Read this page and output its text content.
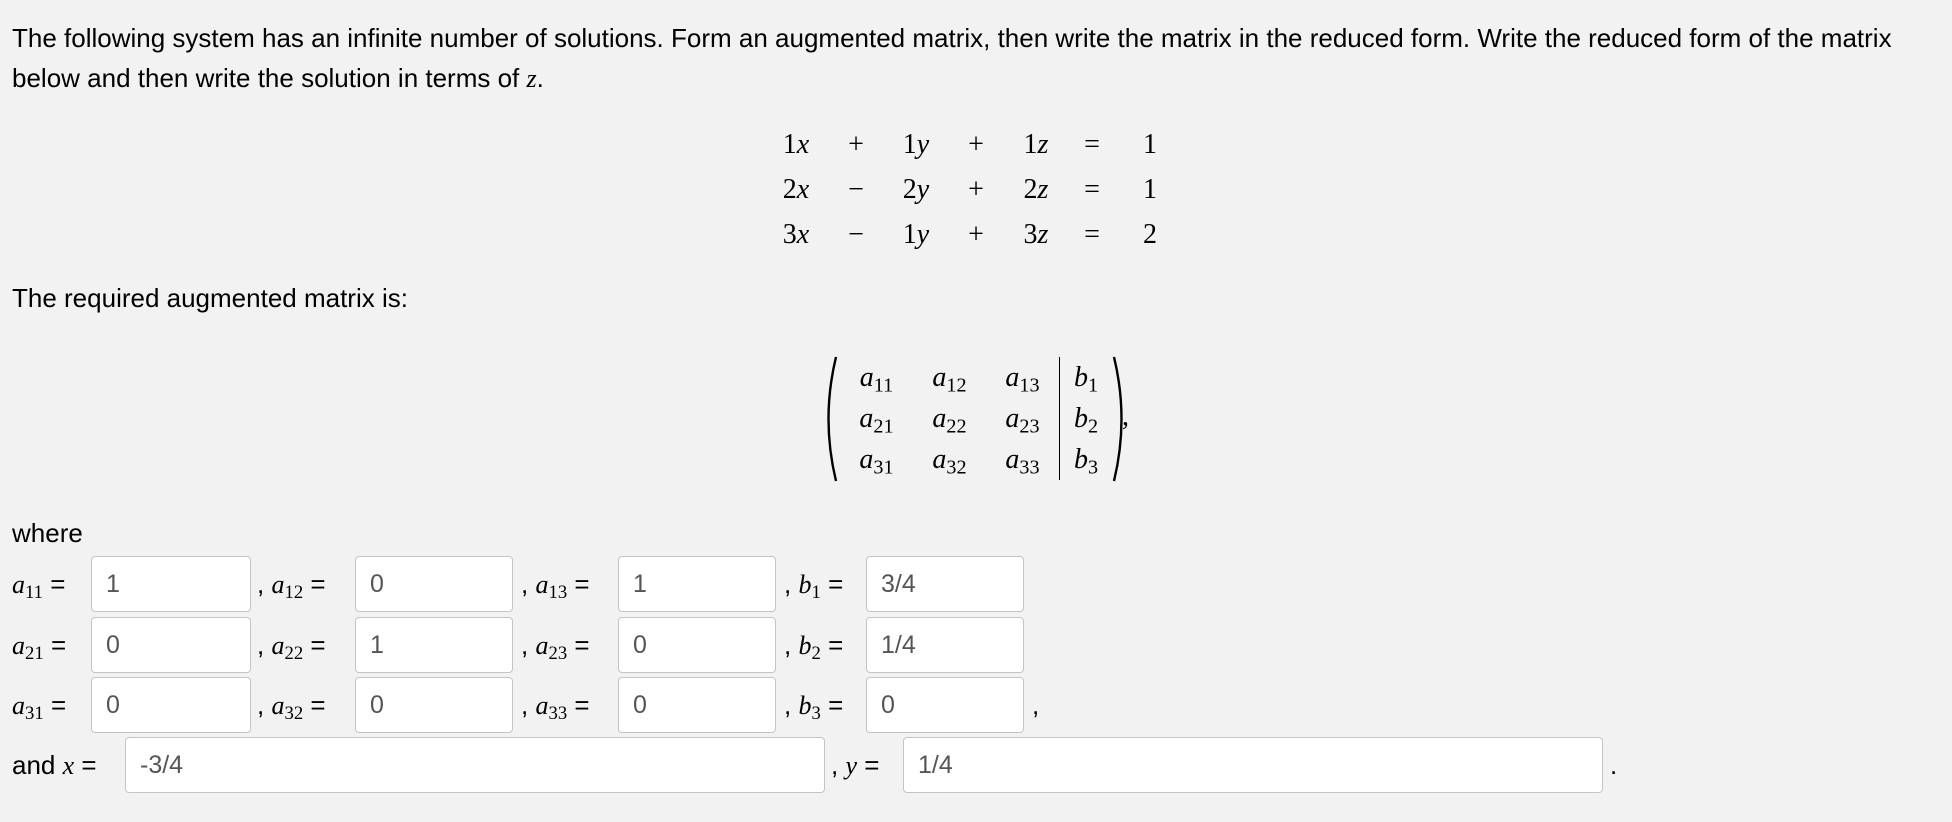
The following system has an infinite number of solutions. Form an augmented matrix, then write the matrix in the reduced form. Write the reduced form of the matrix below and then write the solution in terms of z.

1x	+	1y	+	1z	=	1
2x	−	2y	+	2z	=	1
3x	−	1y	+	3z	=	2

The required augmented matrix is:

$a_{11}$	$a_{12}$	$a_{13}$	$b_1$
$a_{21}$	$a_{22}$	$a_{23}$	$b_2$
$a_{31}$	$a_{32}$	$a_{33}$	$b_3$
,

where

$a_{11}$ =
1	, $a_{12}$ =
0	, $a_{13}$ =
1	, $b_1$ =
3/4
$a_{21}$ =
0	, $a_{22}$ =
1	, $a_{23}$ =
0	, $b_2$ =
1/4
$a_{31}$ =
0	, $a_{32}$ =
0	, $a_{33}$ =
0	, $b_3$ =
0	,
and x =
-3/4	, y =
1/4	.
